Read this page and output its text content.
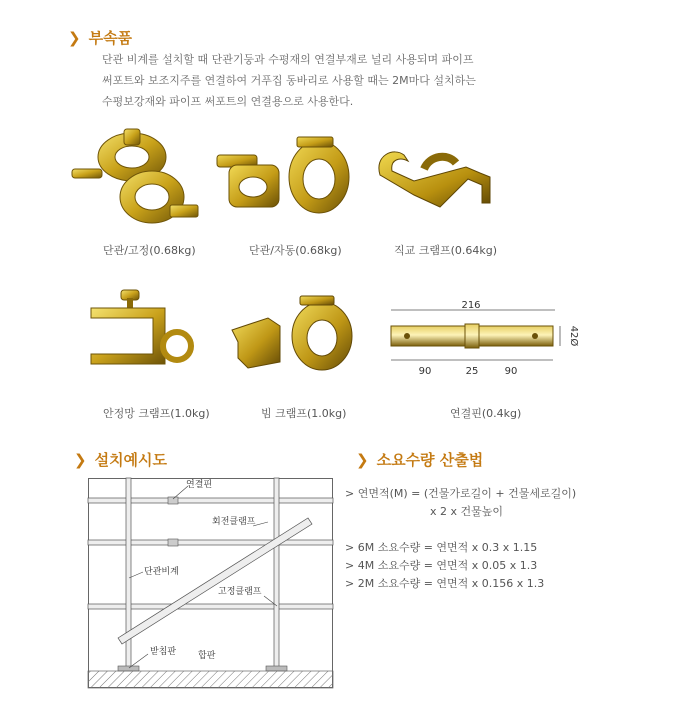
❯ 부속품
단관 비계를 설치할 때 단관기둥과 수평재의 연결부재로 널리 사용되며 파이프
써포트와 보조지주를 연결하여 거푸집 동바리로 사용할 때는 2M마다 설치하는
수평보강재와 파이프 써포트의 연결용으로 사용한다.
단관/고정(0.68kg)	단관/자동(0.68kg)	직교 크램프(0.64kg)
안정망 크램프(1.0kg)	빔 크램프(1.0kg)
216
42Ø
90	25	90
연결핀(0.4kg)
❯ 설치예시도
연결핀
회전클램프
단관비계
고정클램프
받침판 합판
❯ 소요수량 산출법
> 연면적(M) = (건물가로길이 + 건물세로길이)
x 2 x 건물높이
> 6M 소요수량 = 연면적 x 0.3 x 1.15
> 4M 소요수량 = 연면적 x 0.05 x 1.3
> 2M 소요수량 = 연면적 x 0.156 x 1.3
